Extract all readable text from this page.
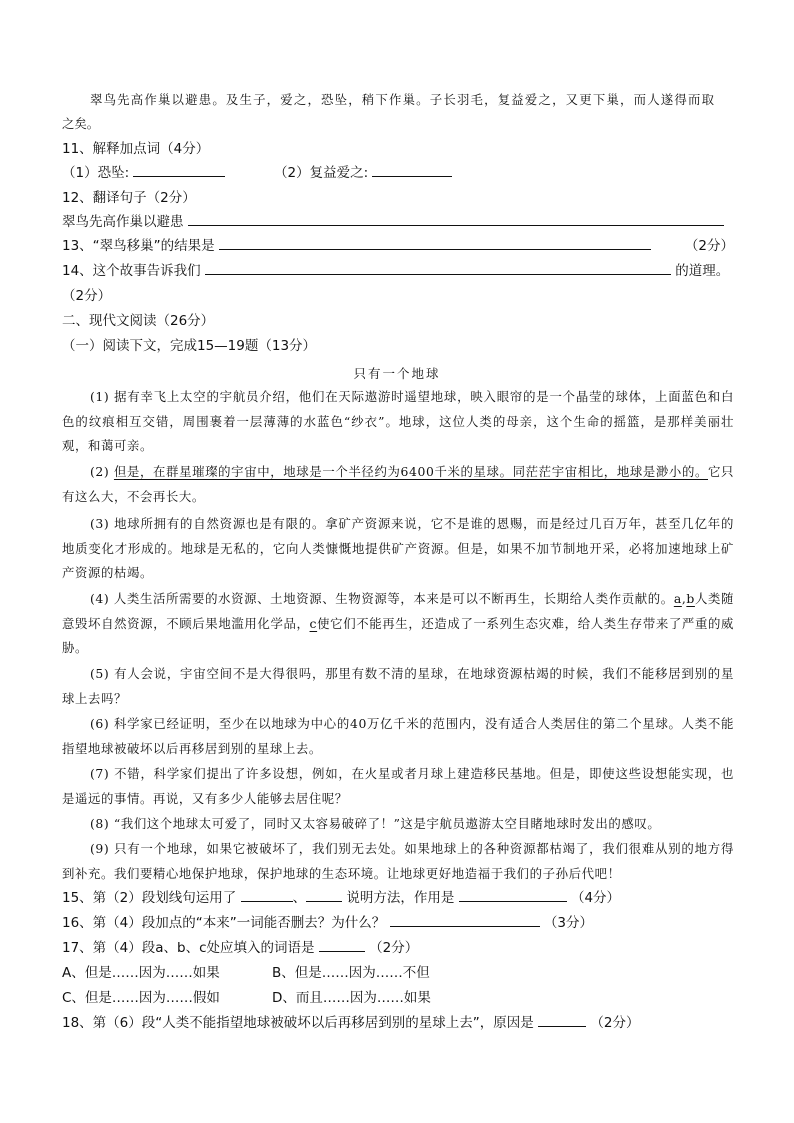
翠鸟先高作巢以避患。及生子，爱之，恐坠，稍下作巢。子长羽毛，复益爱之，又更下巢，而人遂得而取
之矣。
11、解释加点词（4分）
（1）恐坠:	（2）复益爱之:
12、翻译句子（2分）
翠鸟先高作巢以避患
13、“翠鸟移巢”的结果是	（2分）
14、这个故事告诉我们	的道理。
（2分）
二、现代文阅读（26分）
（一）阅读下文，完成15—19题（13分）
只有一个地球
(1) 据有幸飞上太空的宇航员介绍，他们在天际遨游时遥望地球，映入眼帘的是一个晶莹的球体，上面蓝色和白色的纹痕相互交错，周围裹着一层薄薄的水蓝色“纱衣”。地球，这位人类的母亲，这个生命的摇篮，是那样美丽壮观，和蔼可亲。
(2) 但是，在群星璀璨的宇宙中，地球是一个半径约为6400千米的星球。同茫茫宇宙相比，地球是渺小的。它只有这么大，不会再长大。
(3) 地球所拥有的自然资源也是有限的。拿矿产资源来说，它不是谁的恩赐，而是经过几百万年，甚至几亿年的地质变化才形成的。地球是无私的，它向人类慷慨地提供矿产资源。但是，如果不加节制地开采，必将加速地球上矿产资源的枯竭。
(4) 人类生活所需要的水资源、土地资源、生物资源等，本来是可以不断再生，长期给人类作贡献的。a,b人类随意毁坏自然资源，不顾后果地滥用化学品，c使它们不能再生，还造成了一系列生态灾难，给人类生存带来了严重的威胁。
(5) 有人会说，宇宙空间不是大得很吗，那里有数不清的星球，在地球资源枯竭的时候，我们不能移居到别的星球上去吗？
(6) 科学家已经证明，至少在以地球为中心的40万亿千米的范围内，没有适合人类居住的第二个星球。人类不能指望地球被破坏以后再移居到别的星球上去。
(7) 不错，科学家们提出了许多设想，例如，在火星或者月球上建造移民基地。但是，即使这些设想能实现，也是遥远的事情。再说，又有多少人能够去居住呢？
(8) “我们这个地球太可爱了，同时又太容易破碎了！”这是宇航员遨游太空目睹地球时发出的感叹。
(9) 只有一个地球，如果它被破坏了，我们别无去处。如果地球上的各种资源都枯竭了，我们很难从别的地方得到补充。我们要精心地保护地球，保护地球的生态环境。让地球更好地造福于我们的子孙后代吧！
15、第（2）段划线句运用了	、	说明方法，作用是	（4分）
16、第（4）段加点的“本来”一词能否删去？为什么？	（3分）
17、第（4）段a、b、c处应填入的词语是	（2分）
A、但是……因为……如果	B、但是……因为……不但
C、但是……因为……假如	D、而且……因为……如果
18、第（6）段“人类不能指望地球被破坏以后再移居到别的星球上去”，原因是	（2分）
